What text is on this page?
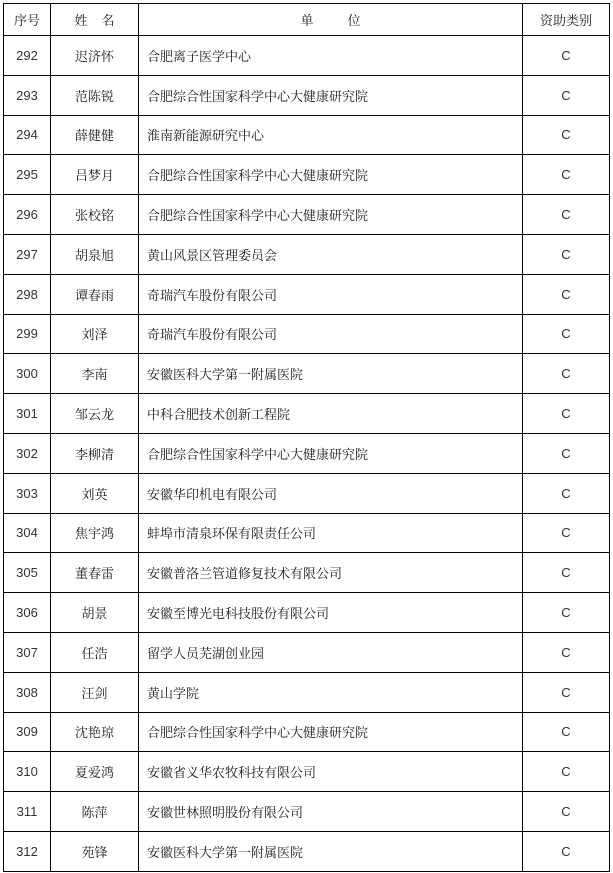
序号	姓 名	单 位	资助类别
292	迟济怀	合肥离子医学中心	C
293	范陈锐	合肥综合性国家科学中心大健康研究院	C
294	薛健健	淮南新能源研究中心	C
295	吕梦月	合肥综合性国家科学中心大健康研究院	C
296	张校铭	合肥综合性国家科学中心大健康研究院	C
297	胡泉旭	黄山风景区管理委员会	C
298	谭春雨	奇瑞汽车股份有限公司	C
299	刘泽	奇瑞汽车股份有限公司	C
300	李南	安徽医科大学第一附属医院	C
301	邹云龙	中科合肥技术创新工程院	C
302	李柳清	合肥综合性国家科学中心大健康研究院	C
303	刘英	安徽华印机电有限公司	C
304	焦宇鸿	蚌埠市清泉环保有限责任公司	C
305	董春雷	安徽普洛兰管道修复技术有限公司	C
306	胡景	安徽至博光电科技股份有限公司	C
307	任浩	留学人员芜湖创业园	C
308	汪剑	黄山学院	C
309	沈艳琼	合肥综合性国家科学中心大健康研究院	C
310	夏爱鸿	安徽省义华农牧科技有限公司	C
311	陈萍	安徽世林照明股份有限公司	C
312	苑锋	安徽医科大学第一附属医院	C
